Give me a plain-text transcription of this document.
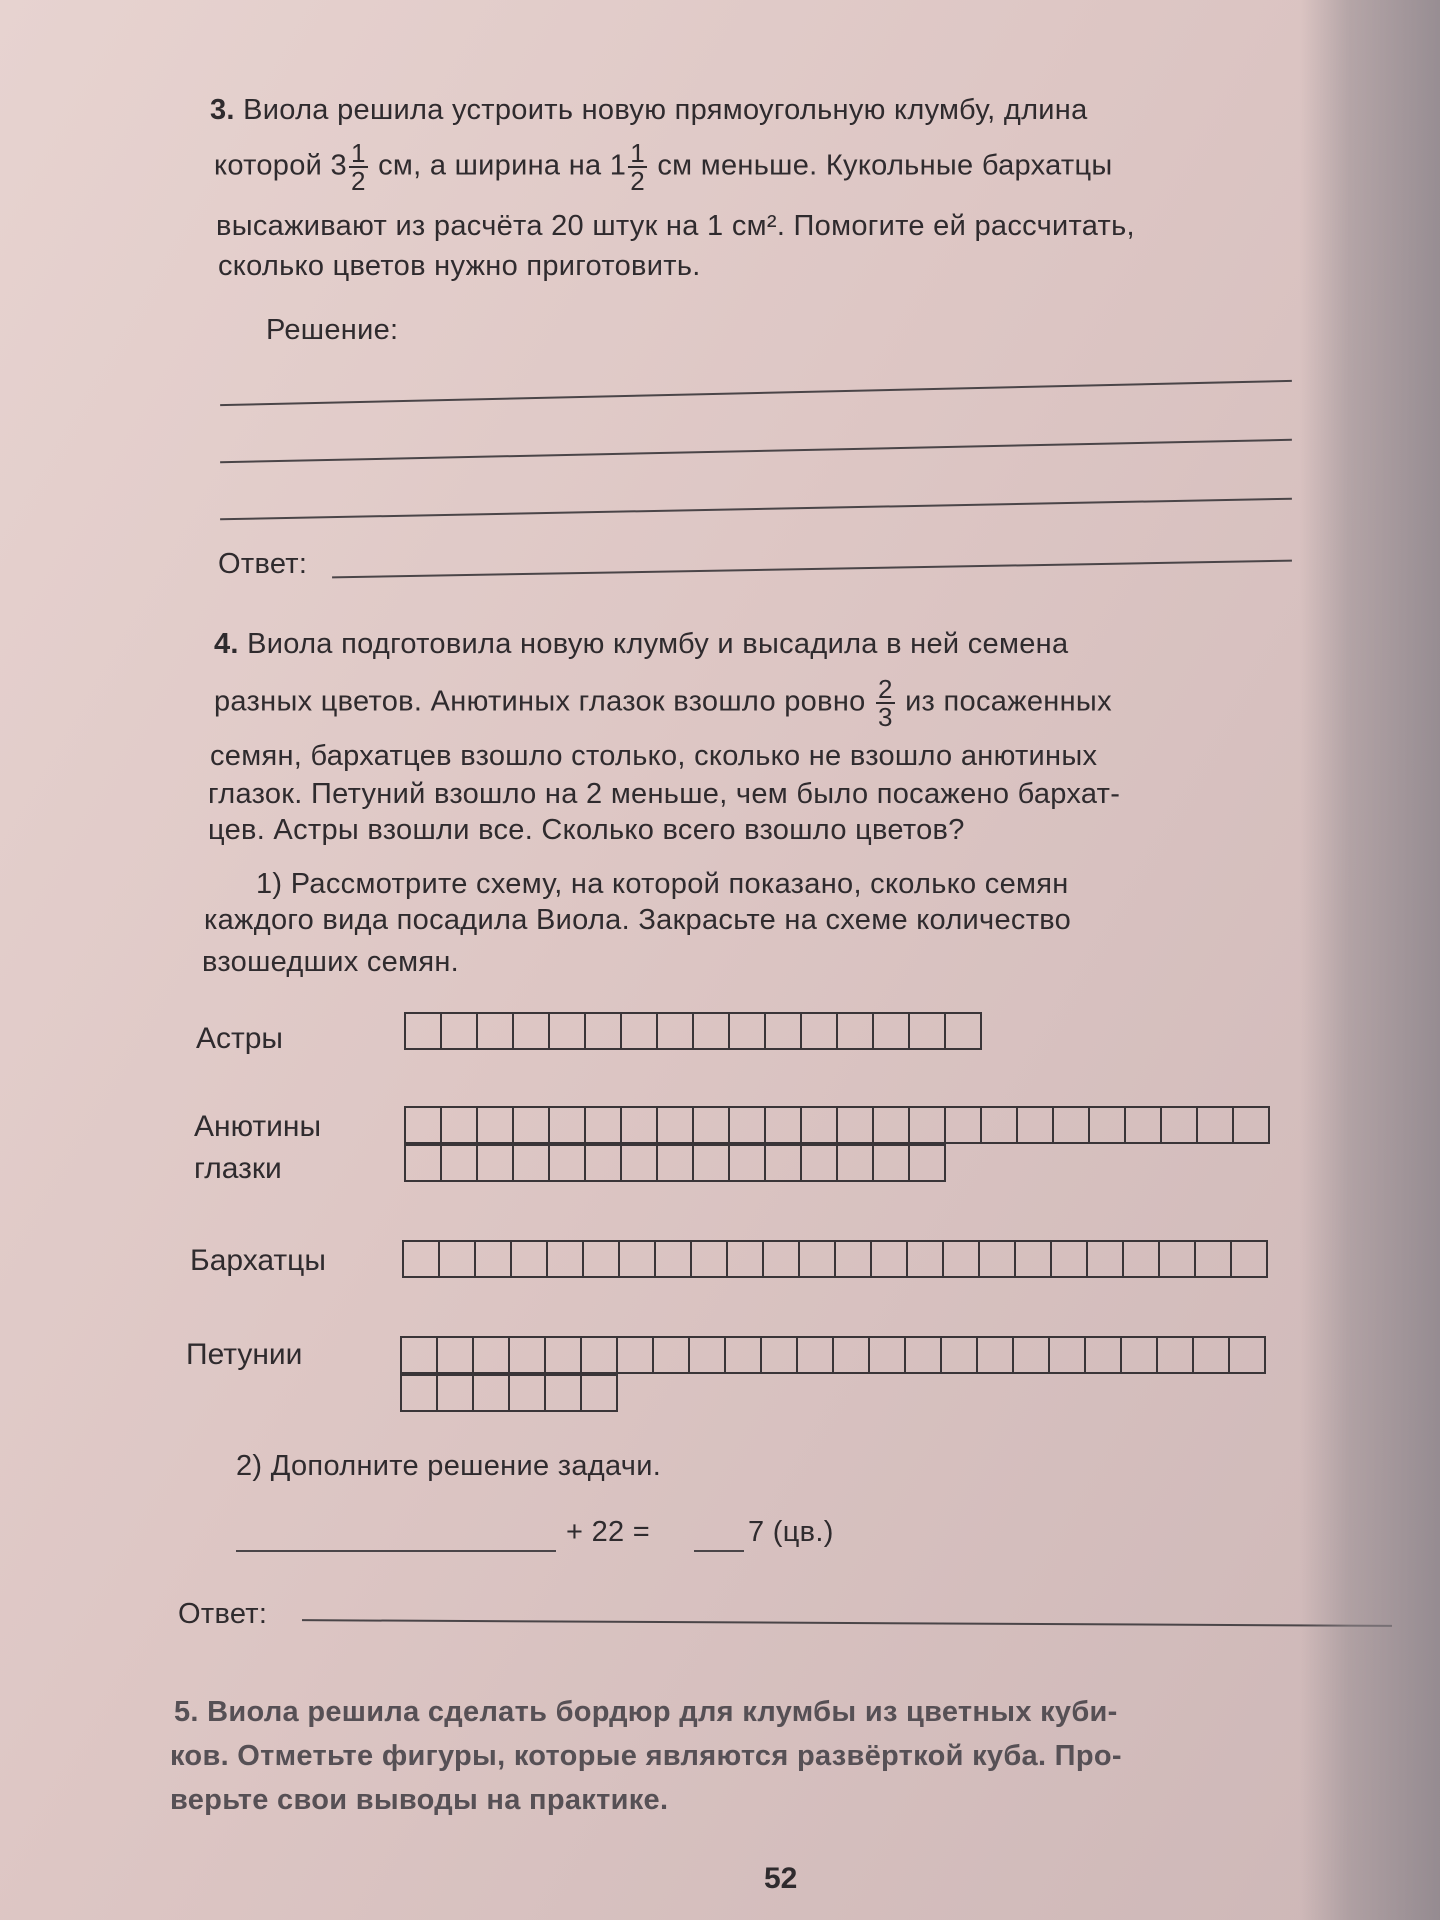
3. Виола решила устроить новую прямоугольную клумбу, длина
которой $3 \frac{1}{2}$ см, а ширина на $1 \frac{1}{2}$ см меньше. Кукольные бархатцы
высаживают из расчёта 20 штук на 1 см². Помогите ей рассчитать,
сколько цветов нужно приготовить.
Решение:
Ответ:
4. Виола подготовила новую клумбу и высадила в ней семена
разных цветов. Анютиных глазок взошло ровно $\frac{2}{3}$ из посаженных
семян, бархатцев взошло столько, сколько не взошло анютиных
глазок. Петуний взошло на 2 меньше, чем было посажено бархат-
цев. Астры взошли все. Сколько всего взошло цветов?
1) Рассмотрите схему, на которой показано, сколько семян
каждого вида посадила Виола. Закрасьте на схеме количество
взошедших семян.
Астры
Анютины
глазки
Бархатцы
Петунии
2) Дополните решение задачи.
+ 22 =	7 (цв.)
Ответ:
5. Виола решила сделать бордюр для клумбы из цветных куби-
ков. Отметьте фигуры, которые являются развёрткой куба. Про-
верьте свои выводы на практике.
52
